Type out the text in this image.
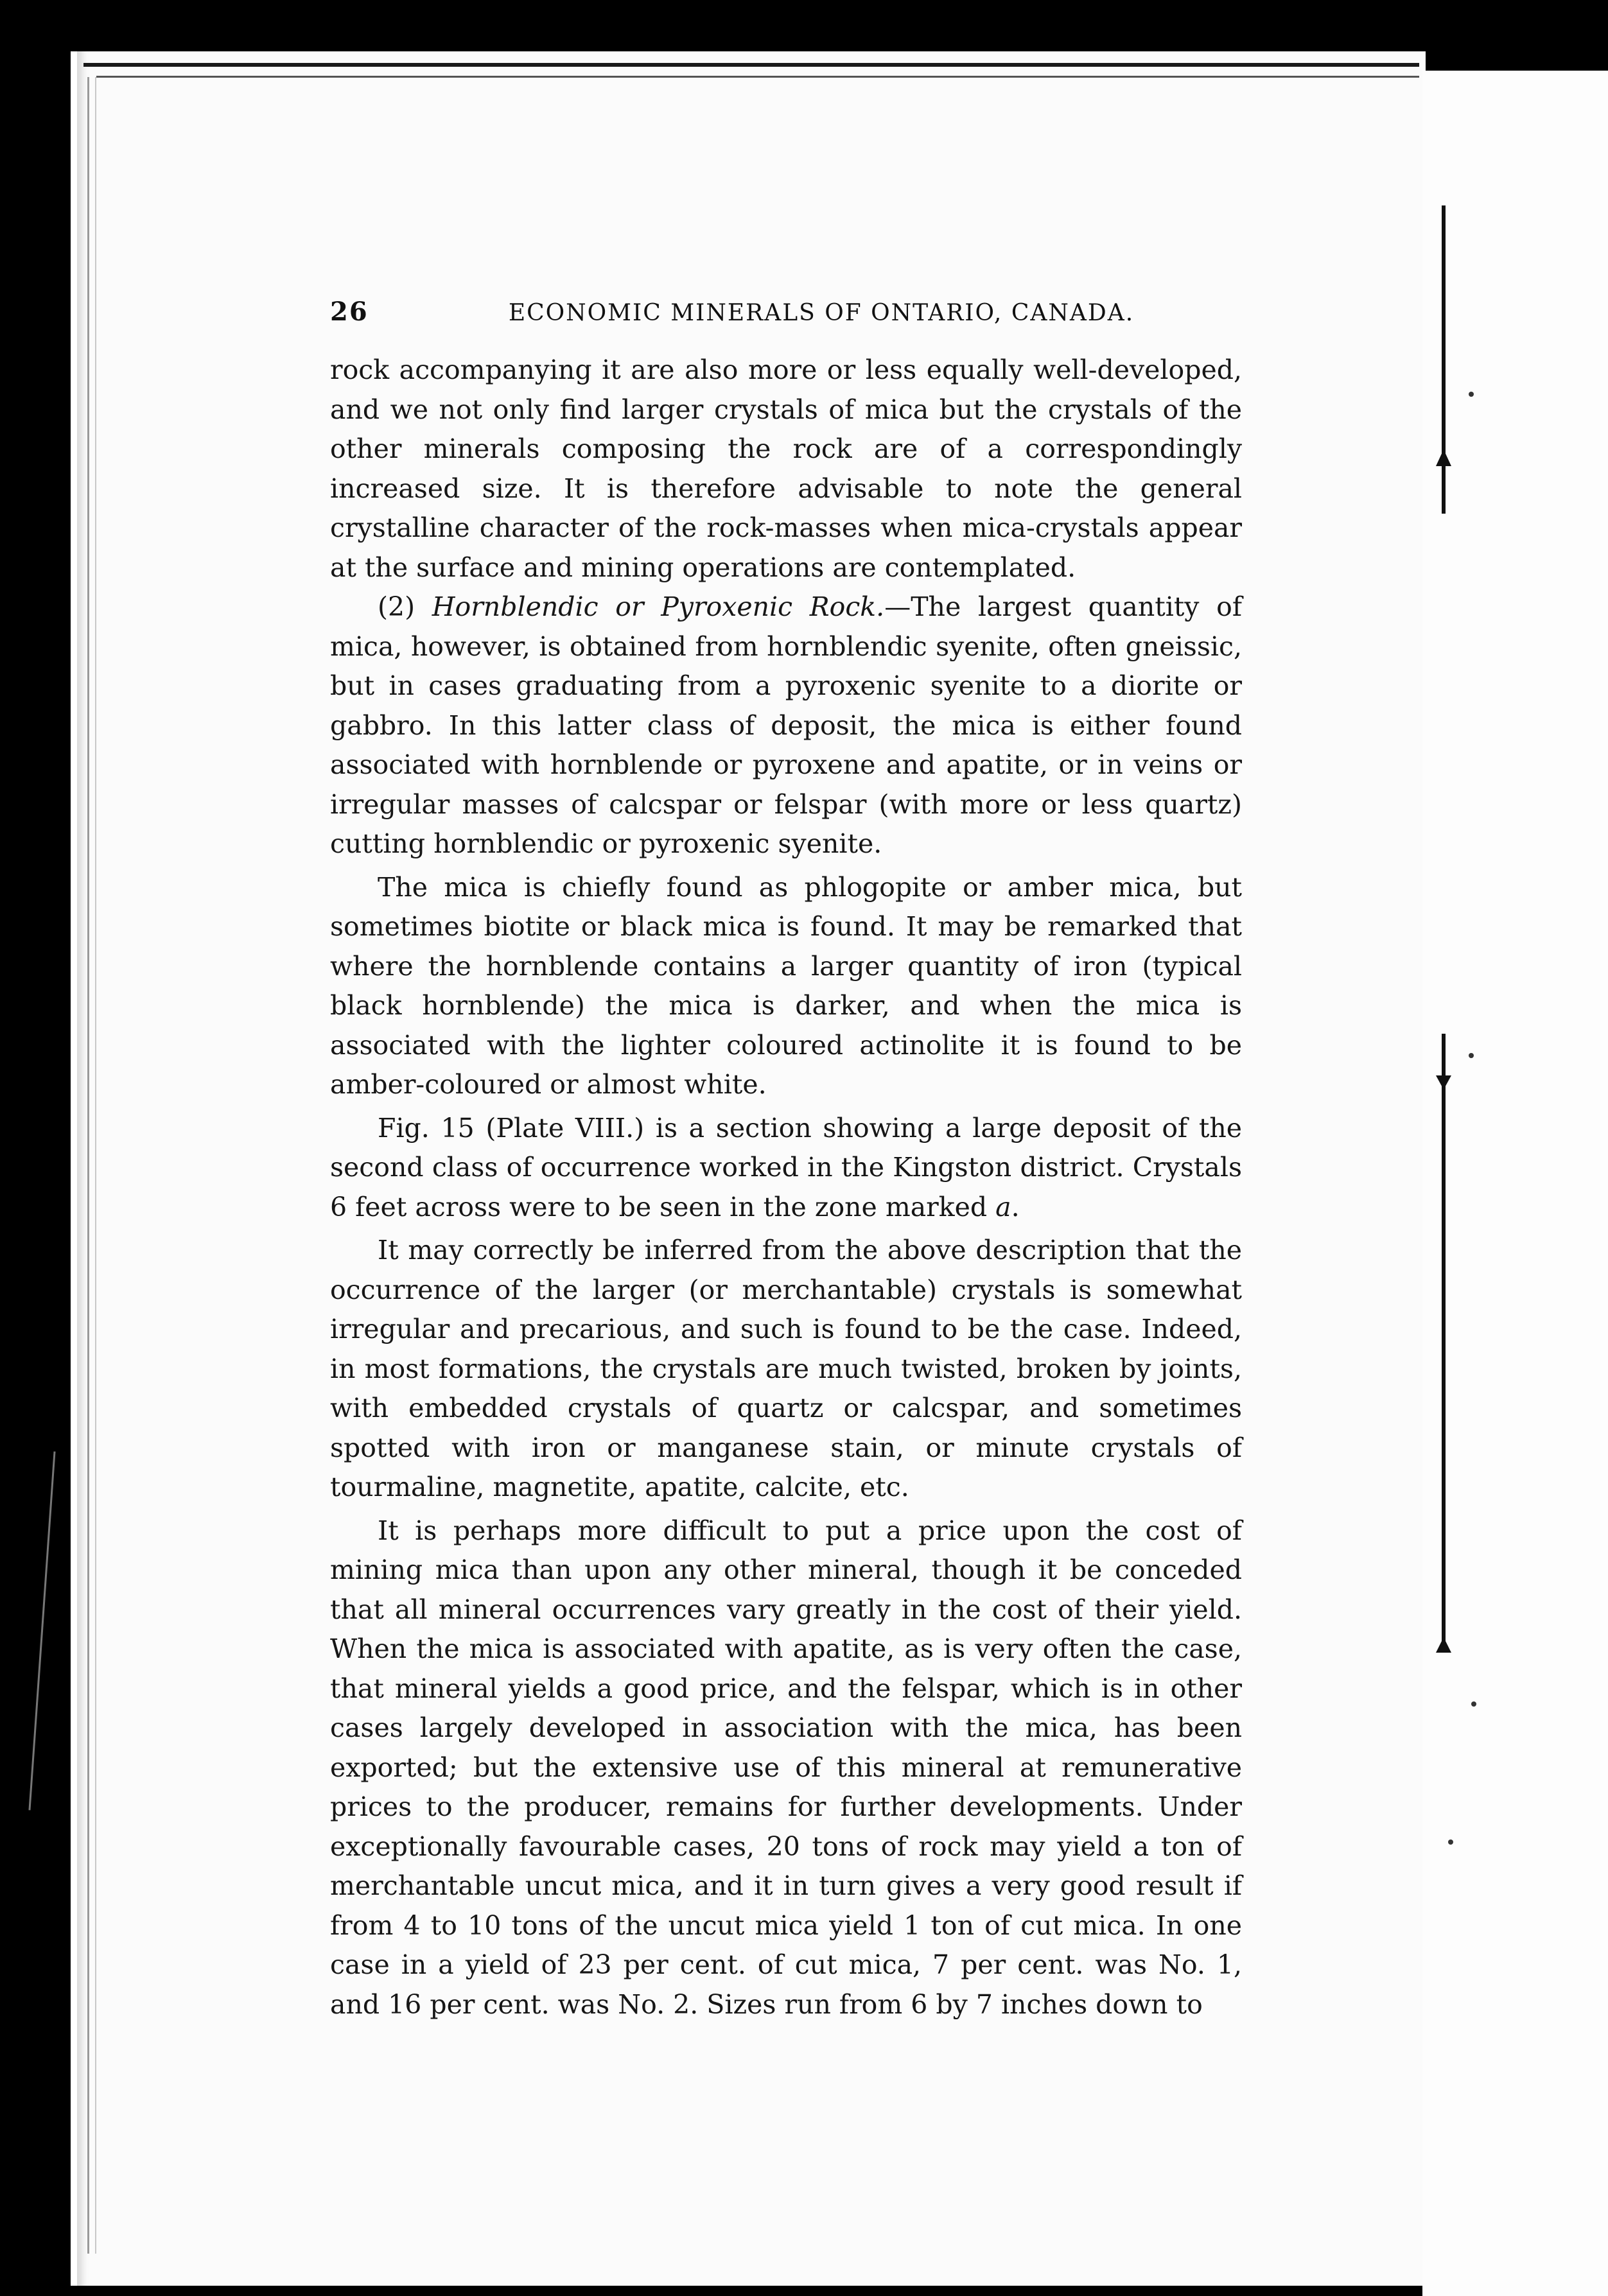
26	ECONOMIC MINERALS OF ONTARIO, CANADA.

rock accompanying it are also more or less equally well-developed, and we not only find larger crystals of mica but the crystals of the other minerals composing the rock are of a correspondingly increased size. It is therefore advisable to note the general crystalline character of the rock-masses when mica-crystals appear at the surface and mining operations are contemplated.

(2) Hornblendic or Pyroxenic Rock.—The largest quantity of mica, however, is obtained from hornblendic syenite, often gneissic, but in cases graduating from a pyroxenic syenite to a diorite or gabbro. In this latter class of deposit, the mica is either found associated with hornblende or pyroxene and apatite, or in veins or irregular masses of calcspar or felspar (with more or less quartz) cutting hornblendic or pyroxenic syenite.

The mica is chiefly found as phlogopite or amber mica, but sometimes biotite or black mica is found. It may be remarked that where the hornblende contains a larger quantity of iron (typical black hornblende) the mica is darker, and when the mica is associated with the lighter coloured actinolite it is found to be amber-coloured or almost white.

Fig. 15 (Plate VIII.) is a section showing a large deposit of the second class of occurrence worked in the Kingston district. Crystals 6 feet across were to be seen in the zone marked a.

It may correctly be inferred from the above description that the occurrence of the larger (or merchantable) crystals is somewhat irregular and precarious, and such is found to be the case. Indeed, in most formations, the crystals are much twisted, broken by joints, with embedded crystals of quartz or calcspar, and sometimes spotted with iron or manganese stain, or minute crystals of tourmaline, magnetite, apatite, calcite, etc.

It is perhaps more difficult to put a price upon the cost of mining mica than upon any other mineral, though it be conceded that all mineral occurrences vary greatly in the cost of their yield. When the mica is associated with apatite, as is very often the case, that mineral yields a good price, and the felspar, which is in other cases largely developed in association with the mica, has been exported; but the extensive use of this mineral at remunerative prices to the producer, remains for further developments. Under exceptionally favourable cases, 20 tons of rock may yield a ton of merchantable uncut mica, and it in turn gives a very good result if from 4 to 10 tons of the uncut mica yield 1 ton of cut mica. In one case in a yield of 23 per cent. of cut mica, 7 per cent. was No. 1, and 16 per cent. was No. 2. Sizes run from 6 by 7 inches down to
